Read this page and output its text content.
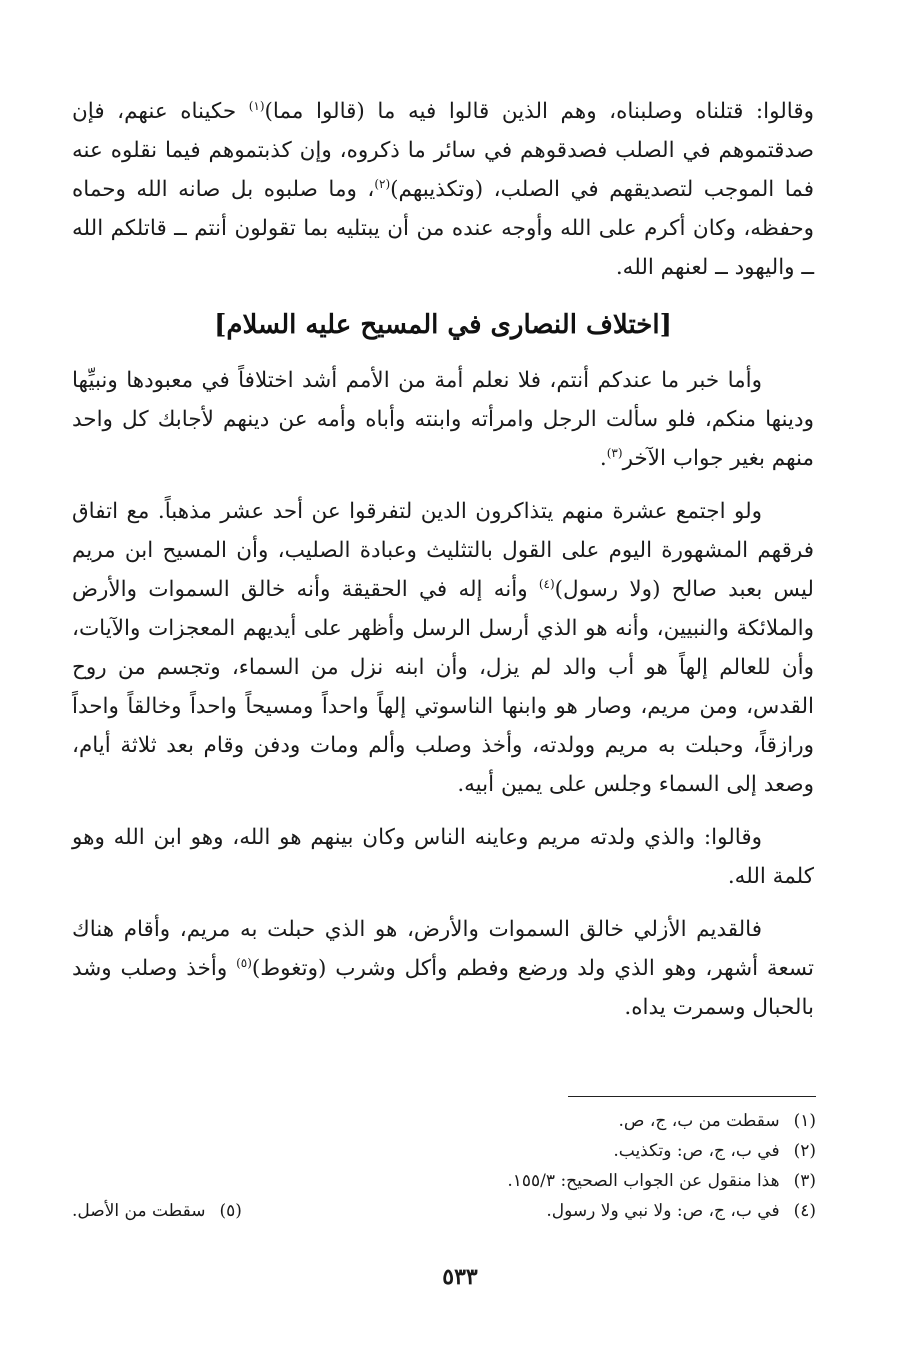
وقالوا: قتلناه وصلبناه، وهم الذين قالوا فيه ما (قالوا مما)$^{(١)}$ حكيناه عنهم، فإن صدقتموهم في الصلب فصدقوهم في سائر ما ذكروه، وإن كذبتموهم فيما نقلوه عنه فما الموجب لتصديقهم في الصلب، (وتكذيبهم)$^{(٢)}$، وما صلبوه بل صانه الله وحماه وحفظه، وكان أكرم على الله وأوجه عنده من أن يبتليه بما تقولون أنتم ــ قاتلكم الله ــ واليهود ــ لعنهم الله.

[اختلاف النصارى في المسيح عليه السلام]

وأما خبر ما عندكم أنتم، فلا نعلم أمة من الأمم أشد اختلافاً في معبودها ونبيِّها ودينها منكم، فلو سألت الرجل وامرأته وابنته وأباه وأمه عن دينهم لأجابك كل واحد منهم بغير جواب الآخر$^{(٣)}$.

ولو اجتمع عشرة منهم يتذاكرون الدين لتفرقوا عن أحد عشر مذهباً. مع اتفاق فرقهم المشهورة اليوم على القول بالتثليث وعبادة الصليب، وأن المسيح ابن مريم ليس بعبد صالح (ولا رسول)$^{(٤)}$ وأنه إله في الحقيقة وأنه خالق السموات والأرض والملائكة والنبيين، وأنه هو الذي أرسل الرسل وأظهر على أيديهم المعجزات والآيات، وأن للعالم إلهاً هو أب والد لم يزل، وأن ابنه نزل من السماء، وتجسم من روح القدس، ومن مريم، وصار هو وابنها الناسوتي إلهاً واحداً ومسيحاً واحداً وخالقاً واحداً ورازقاً، وحبلت به مريم وولدته، وأخذ وصلب وألم ومات ودفن وقام بعد ثلاثة أيام، وصعد إلى السماء وجلس على يمين أبيه.

وقالوا: والذي ولدته مريم وعاينه الناس وكان بينهم هو الله، وهو ابن الله وهو كلمة الله.

فالقديم الأزلي خالق السموات والأرض، هو الذي حبلت به مريم، وأقام هناك تسعة أشهر، وهو الذي ولد ورضع وفطم وأكل وشرب (وتغوط)$^{(٥)}$ وأخذ وصلب وشد بالحبال وسمرت يداه.

(١)سقطت من ب، ج، ص.
(٢)في ب، ج، ص: وتكذيب.
(٣)هذا منقول عن الجواب الصحيح: ١٥٥/٣.
(٤)في ب، ج، ص: ولا نبي ولا رسول.
(٥)سقطت من الأصل.
٥٣٣
